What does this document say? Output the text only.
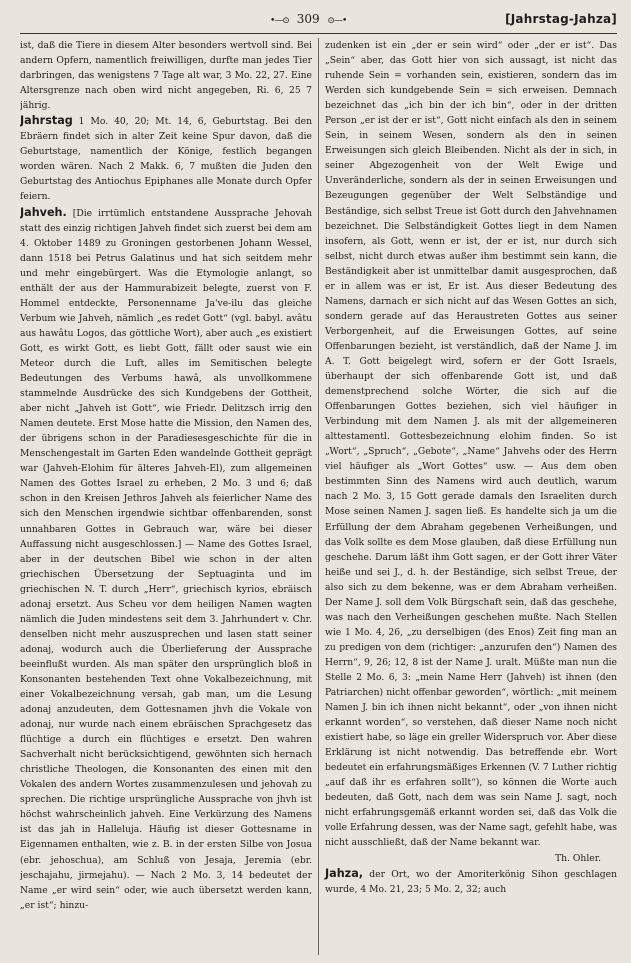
•—⊙ 309 ⊙—•	[Jahrstag-Jahza]

ist, daß die Tiere in diesem Alter besonders wertvoll sind. Bei andern Opfern, namentlich freiwilligen, durfte man jedes Tier darbringen, das wenigstens 7 Tage alt war, 3 Mo. 22, 27. Eine Altersgrenze nach oben wird nicht angegeben, Ri. 6, 25 7 jährig.

Jahrstag 1 Mo. 40, 20; Mt. 14, 6, Geburtstag. Bei den Ebräern findet sich in alter Zeit keine Spur davon, daß die Geburtstage, namentlich der Könige, festlich begangen worden wären. Nach 2 Makk. 6, 7 mußten die Juden den Geburtstag des Antiochus Epiphanes alle Monate durch Opfer feiern.

Jahveh. [Die irrtümlich entstandene Aussprache Jehovah statt des einzig richtigen Jahveh findet sich zuerst bei dem am 4. Oktober 1489 zu Groningen gestorbenen Johann Wessel, dann 1518 bei Petrus Galatinus und hat sich seitdem mehr und mehr eingebürgert. Was die Etymologie anlangt, so enthält der aus der Hammurabizeit belegte, zuerst von F. Hommel entdeckte, Personenname Ja've-ilu das gleiche Verbum wie Jahveh, nämlich „es redet Gott“ (vgl. babyl. avâtu aus hawâtu Logos, das göttliche Wort), aber auch „es existiert Gott, es wirkt Gott, es liebt Gott, fällt oder saust wie ein Meteor durch die Luft, alles im Semitischen belegte Bedeutungen des Verbums hawâ, als unvollkommene stammelnde Ausdrücke des sich Kundgebens der Gottheit, aber nicht „Jahveh ist Gott“, wie Friedr. Delitzsch irrig den Namen deutete. Erst Mose hatte die Mission, den Namen des, der übrigens schon in der Paradiesesgeschichte für die in Menschengestalt im Garten Eden wandelnde Gottheit geprägt war (Jahveh-Elohim für älteres Jahveh-El), zum allgemeinen Namen des Gottes Israel zu erheben, 2 Mo. 3 und 6; daß schon in den Kreisen Jethros Jahveh als feierlicher Name des sich den Menschen irgendwie sichtbar offenbarenden, sonst unnahbaren Gottes in Gebrauch war, wäre bei dieser Auffassung nicht ausgeschlossen.] — Name des Gottes Israel, aber in der deutschen Bibel wie schon in der alten griechischen Übersetzung der Septuaginta und im griechischen N. T. durch „Herr“, griechisch kyrios, ebräisch adonaj ersetzt. Aus Scheu vor dem heiligen Namen wagten nämlich die Juden mindestens seit dem 3. Jahrhundert v. Chr. denselben nicht mehr auszusprechen und lasen statt seiner adonaj, wodurch auch die Überlieferung der Aussprache beeinflußt wurden. Als man später den ursprünglich bloß in Konsonanten bestehenden Text ohne Vokalbezeichnung, mit einer Vokalbezeichnung versah, gab man, um die Lesung adonaj anzudeuten, dem Gottesnamen jhvh die Vokale von adonaj, nur wurde nach einem ebräischen Sprachgesetz das flüchtige a durch ein flüchtiges e ersetzt. Den wahren Sachverhalt nicht berücksichtigend, gewöhnten sich hernach christliche Theologen, die Konsonanten des einen mit den Vokalen des andern Wortes zusammenzulesen und jehovah zu sprechen. Die richtige ursprüngliche Aussprache von jhvh ist höchst wahrscheinlich jahveh. Eine Verkürzung des Namens ist das jah in Halleluja. Häufig ist dieser Gottesname in Eigennamen enthalten, wie z. B. in der ersten Silbe von Josua (ebr. jehoschua), am Schluß von Jesaja, Jeremia (ebr. jeschajahu, jirmejahu). — Nach 2 Mo. 3, 14 bedeutet der Name „er wird sein“ oder, wie auch übersetzt werden kann, „er ist“; hinzu-

zudenken ist ein „der er sein wird“ oder „der er ist“. Das „Sein“ aber, das Gott hier von sich aussagt, ist nicht das ruhende Sein = vorhanden sein, existieren, sondern das im Werden sich kundgebende Sein = sich erweisen. Demnach bezeichnet das „ich bin der ich bin“, oder in der dritten Person „er ist der er ist“, Gott nicht einfach als den in seinem Sein, in seinem Wesen, sondern als den in seinen Erweisungen sich gleich Bleibenden. Nicht als der in sich, in seiner Abgezogenheit von der Welt Ewige und Unveränderliche, sondern als der in seinen Erweisungen und Bezeugungen gegenüber der Welt Selbständige und Beständige, sich selbst Treue ist Gott durch den Jahvehnamen bezeichnet. Die Selbständigkeit Gottes liegt in dem Namen insofern, als Gott, wenn er ist, der er ist, nur durch sich selbst, nicht durch etwas außer ihm bestimmt sein kann, die Beständigkeit aber ist unmittelbar damit ausgesprochen, daß er in allem was er ist, Er ist. Aus dieser Bedeutung des Namens, darnach er sich nicht auf das Wesen Gottes an sich, sondern gerade auf das Heraustreten Gottes aus seiner Verborgenheit, auf die Erweisungen Gottes, auf seine Offenbarungen bezieht, ist verständlich, daß der Name J. im A. T. Gott beigelegt wird, sofern er der Gott Israels, überhaupt der sich offenbarende Gott ist, und daß demenstprechend solche Wörter, die sich auf die Offenbarungen Gottes beziehen, sich viel häufiger in Verbindung mit dem Namen J. als mit der allgemeineren alttestamentl. Gottesbezeichnung elohim finden. So ist „Wort“, „Spruch“, „Gebote“, „Name“ Jahvehs oder des Herrn viel häufiger als „Wort Gottes“ usw. — Aus dem oben bestimmten Sinn des Namens wird auch deutlich, warum nach 2 Mo. 3, 15 Gott gerade damals den Israeliten durch Mose seinen Namen J. sagen ließ. Es handelte sich ja um die Erfüllung der dem Abraham gegebenen Verheißungen, und das Volk sollte es dem Mose glauben, daß diese Erfüllung nun geschehe. Darum läßt ihm Gott sagen, er der Gott ihrer Väter heiße und sei J., d. h. der Beständige, sich selbst Treue, der also sich zu dem bekenne, was er dem Abraham verheißen. Der Name J. soll dem Volk Bürgschaft sein, daß das geschehe, was nach den Verheißungen geschehen mußte. Nach Stellen wie 1 Mo. 4, 26, „zu derselbigen (des Enos) Zeit fing man an zu predigen von dem (richtiger: „anzurufen den“) Namen des Herrn“, 9, 26; 12, 8 ist der Name J. uralt. Müßte man nun die Stelle 2 Mo. 6, 3: „mein Name Herr (Jahveh) ist ihnen (den Patriarchen) nicht offenbar geworden“, wörtlich: „mit meinem Namen J. bin ich ihnen nicht bekannt“, oder „von ihnen nicht erkannt worden“, so verstehen, daß dieser Name noch nicht existiert habe, so läge ein greller Widerspruch vor. Aber diese Erklärung ist nicht notwendig. Das betreffende ebr. Wort bedeutet ein erfahrungsmäßiges Erkennen (V. 7 Luther richtig „auf daß ihr es erfahren sollt“), so können die Worte auch bedeuten, daß Gott, nach dem was sein Name J. sagt, noch nicht erfahrungsgemäß erkannt worden sei, daß das Volk die volle Erfahrung dessen, was der Name sagt, gefehlt habe, was nicht ausschließt, daß der Name bekannt war.

Th. Ohler.

Jahza, der Ort, wo der Amoriterkönig Sihon geschlagen wurde, 4 Mo. 21, 23; 5 Mo. 2, 32; auch
